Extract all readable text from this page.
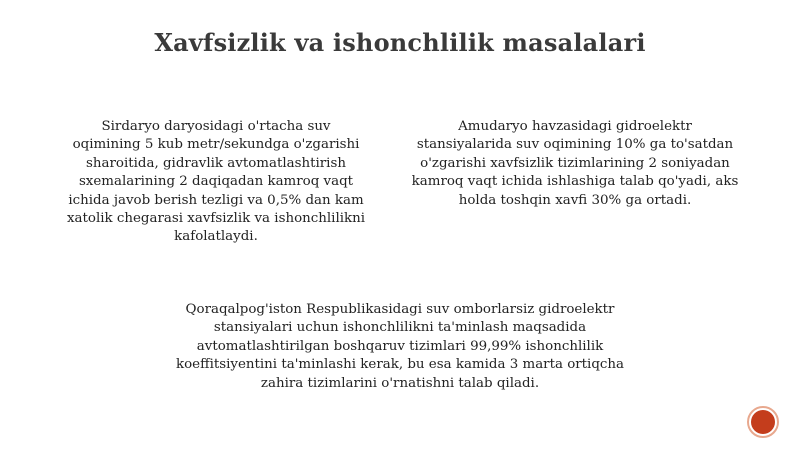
Xavfsizlik va ishonchlilik masalalari

Sirdaryo daryosidagi o'rtacha suv

oqimining 5 kub metr/sekundga o'zgarishi

sharoitida, gidravlik avtomatlashtirish

sxemalarining 2 daqiqadan kamroq vaqt

ichida javob berish tezligi va 0,5% dan kam

xatolik chegarasi xavfsizlik va ishonchlilikni

kafolatlaydi.

Amudaryo havzasidagi gidroelektr

stansiyalarida suv oqimining 10% ga to'satdan

o'zgarishi xavfsizlik tizimlarining 2 soniyadan

kamroq vaqt ichida ishlashiga talab qo'yadi, aks

holda toshqin xavfi 30% ga ortadi.

Qoraqalpog'iston Respublikasidagi suv omborlarsiz gidroelektr

stansiyalari uchun ishonchlilikni ta'minlash maqsadida

avtomatlashtirilgan boshqaruv tizimlari 99,99% ishonchlilik

koeffitsiyentini ta'minlashi kerak, bu esa kamida 3 marta ortiqcha

zahira tizimlarini o'rnatishni talab qiladi.
